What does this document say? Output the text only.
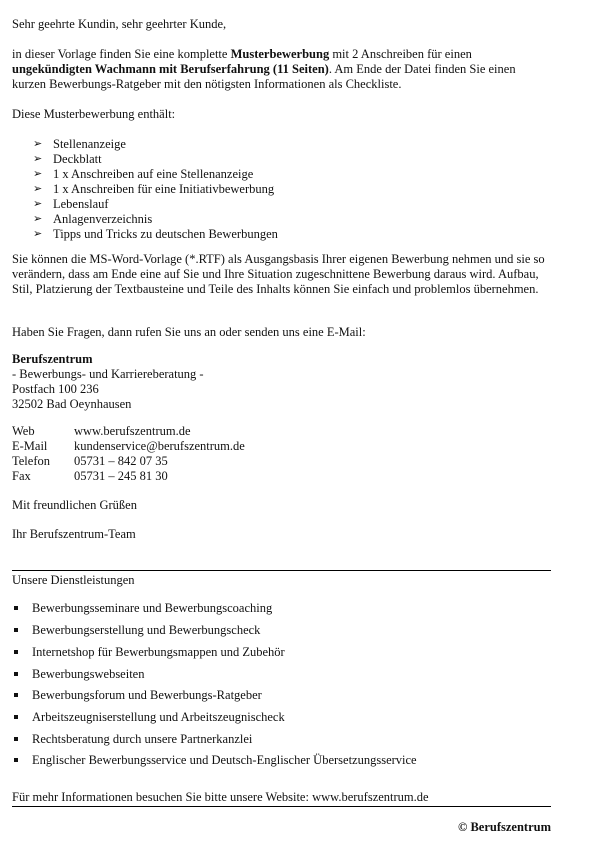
Sehr geehrte Kundin, sehr geehrter Kunde,

in dieser Vorlage finden Sie eine komplette Musterbewerbung mit 2 Anschreiben für einen ungekündigten Wachmann mit Berufserfahrung (11 Seiten). Am Ende der Datei finden Sie einen kurzen Bewerbungs-Ratgeber mit den nötigsten Informationen als Checkliste.

Diese Musterbewerbung enthält:

➢ Stellenanzeige
➢ Deckblatt
➢ 1 x Anschreiben auf eine Stellenanzeige
➢ 1 x Anschreiben für eine Initiativbewerbung
➢ Lebenslauf
➢ Anlagenverzeichnis
➢ Tipps und Tricks zu deutschen Bewerbungen

Sie können die MS-Word-Vorlage (*.RTF) als Ausgangsbasis Ihrer eigenen Bewerbung nehmen und sie so verändern, dass am Ende eine auf Sie und Ihre Situation zugeschnittene Bewerbung daraus wird. Aufbau, Stil, Platzierung der Textbausteine und Teile des Inhalts können Sie einfach und problemlos übernehmen.

Haben Sie Fragen, dann rufen Sie uns an oder senden uns eine E-Mail:

Berufszentrum

- Bewerbungs- und Karriereberatung -

Postfach 100 236

32502 Bad Oeynhausen

Web	www.berufszentrum.de
E-Mail kundenservice@berufszentrum.de
Telefon 05731 – 842 07 35
Fax	05731 – 245 81 30

Mit freundlichen Grüßen

Ihr Berufszentrum-Team

Unsere Dienstleistungen

Bewerbungsseminare und Bewerbungscoaching
Bewerbungserstellung und Bewerbungscheck
Internetshop für Bewerbungsmappen und Zubehör
Bewerbungswebseiten
Bewerbungsforum und Bewerbungs-Ratgeber
Arbeitszeugniserstellung und Arbeitszeugnischeck
Rechtsberatung durch unsere Partnerkanzlei
Englischer Bewerbungsservice und Deutsch-Englischer Übersetzungsservice

Für mehr Informationen besuchen Sie bitte unsere Website: www.berufszentrum.de

© Berufszentrum
